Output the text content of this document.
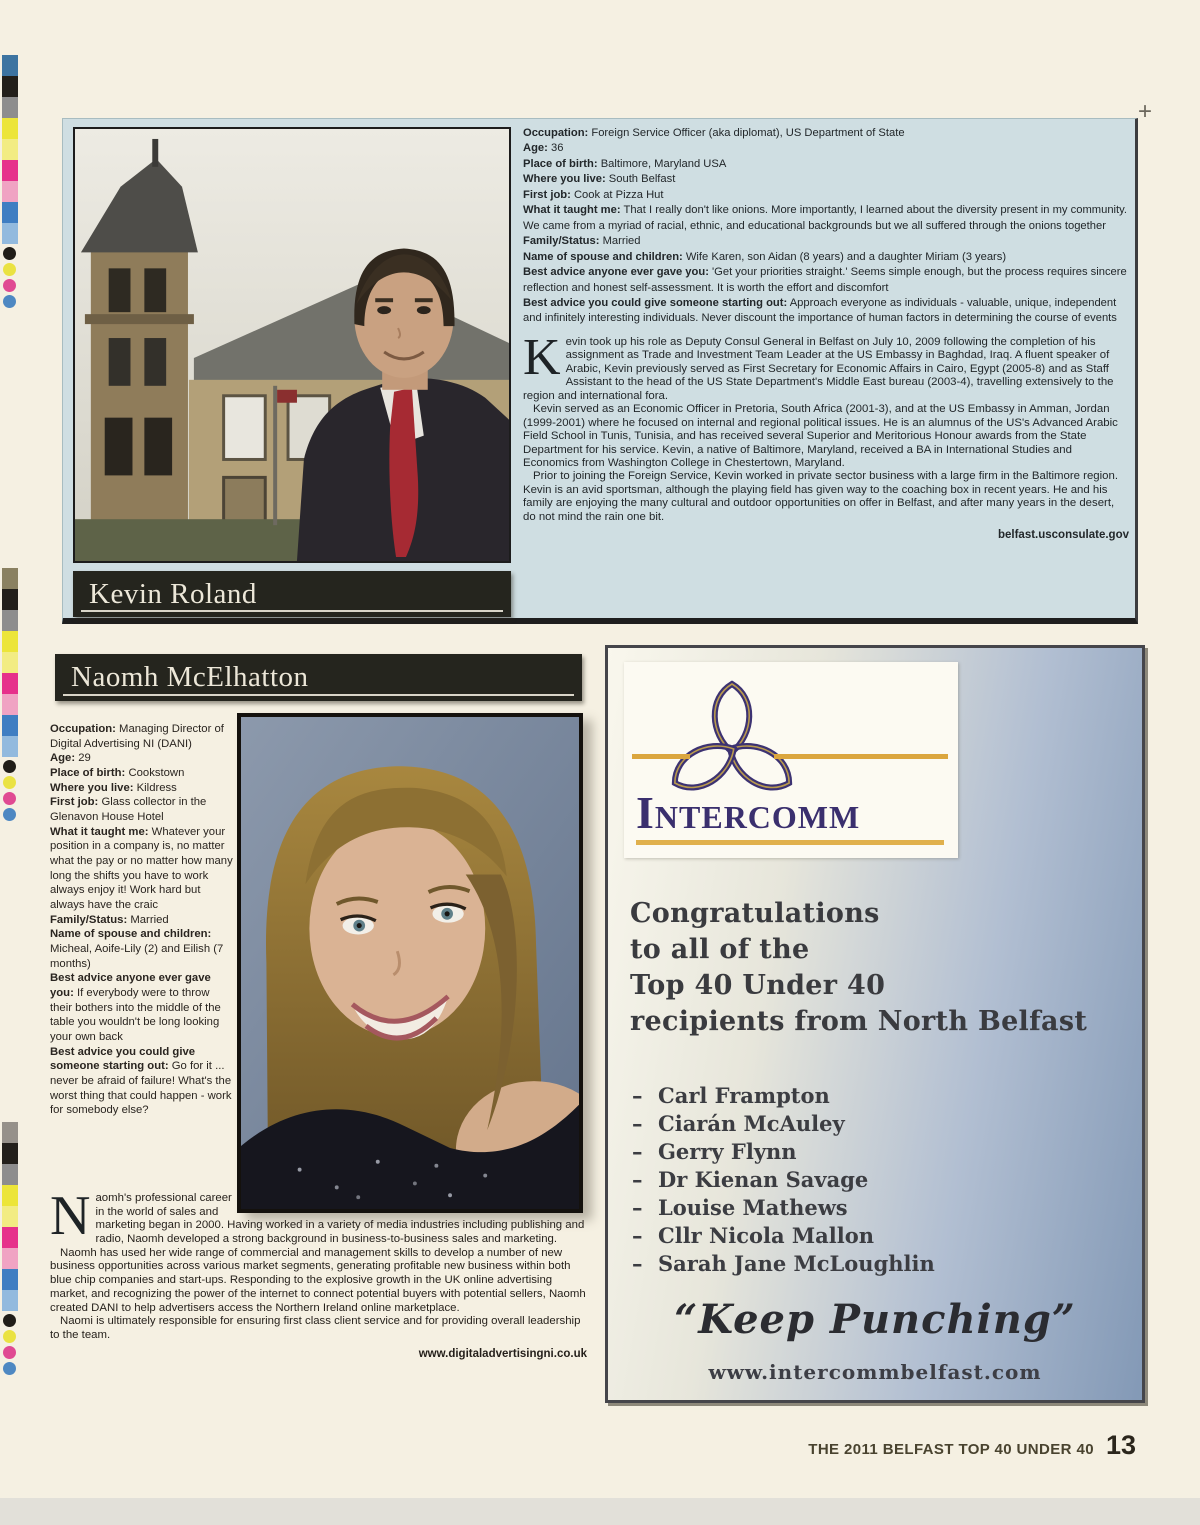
+
Kevin Roland
Occupation: Foreign Service Officer (aka diplomat), US Department of State
Age: 36
Place of birth: Baltimore, Maryland USA
Where you live: South Belfast
First job: Cook at Pizza Hut
What it taught me: That I really don't like onions. More importantly, I learned about the diversity present in my community. We came from a myriad of racial, ethnic, and educational backgrounds but we all suffered through the onions together
Family/Status: Married
Name of spouse and children: Wife Karen, son Aidan (8 years) and a daughter Miriam (3 years)
Best advice anyone ever gave you: 'Get your priorities straight.' Seems simple enough, but the process requires sincere reflection and honest self-assessment. It is worth the effort and discomfort
Best advice you could give someone starting out: Approach everyone as individuals - valuable, unique, independent and infinitely interesting individuals. Never discount the importance of human factors in determining the course of events

Kevin took up his role as Deputy Consul General in Belfast on July 10, 2009 following the completion of his assignment as Trade and Investment Team Leader at the US Embassy in Baghdad, Iraq. A fluent speaker of Arabic, Kevin previously served as First Secretary for Economic Affairs in Cairo, Egypt (2005-8) and as Staff Assistant to the head of the US State Department's Middle East bureau (2003-4), travelling extensively to the region and international fora.

Kevin served as an Economic Officer in Pretoria, South Africa (2001-3), and at the US Embassy in Amman, Jordan (1999-2001) where he focused on internal and regional political issues. He is an alumnus of the US's Advanced Arabic Field School in Tunis, Tunisia, and has received several Superior and Meritorious Honour awards from the State Department for his service. Kevin, a native of Baltimore, Maryland, received a BA in International Studies and Economics from Washington College in Chestertown, Maryland.

Prior to joining the Foreign Service, Kevin worked in private sector business with a large firm in the Baltimore region. Kevin is an avid sportsman, although the playing field has given way to the coaching box in recent years. He and his family are enjoying the many cultural and outdoor opportunities on offer in Belfast, and after many years in the desert, do not mind the rain one bit.

belfast.usconsulate.gov
Naomh McElhatton
Occupation: Managing Director of Digital Advertising NI (DANI)
Age: 29
Place of birth: Cookstown
Where you live: Kildress
First job: Glass collector in the Glenavon House Hotel
What it taught me: Whatever your position in a company is, no matter what the pay or no matter how many long the shifts you have to work always enjoy it! Work hard but always have the craic
Family/Status: Married
Name of spouse and children: Micheal, Aoife-Lily (2) and Eilish (7 months)
Best advice anyone ever gave you: If everybody were to throw their bothers into the middle of the table you wouldn't be long looking your own back
Best advice you could give someone starting out: Go for it ... never be afraid of failure! What's the worst thing that could happen - work for somebody else?

Naomh's professional career in the world of sales and marketing began in 2000. Having worked in a variety of media industries including publishing and radio, Naomh developed a strong background in business-to-business sales and marketing.

Naomh has used her wide range of commercial and management skills to develop a number of new business opportunities across various market segments, generating profitable new business within both blue chip companies and start-ups. Responding to the explosive growth in the UK online advertising market, and recognizing the power of the internet to connect potential buyers with potential sellers, Naomh created DANI to help advertisers access the Northern Ireland online marketplace.

Naomi is ultimately responsible for ensuring first class client service and for providing overall leadership to the team.

www.digitaladvertisingni.co.uk
Intercomm
Congratulations
to all of the
Top 40 Under 40
recipients from North Belfast
– Carl Frampton
– Ciarán McAuley
– Gerry Flynn
– Dr Kienan Savage
– Louise Mathews
– Cllr Nicola Mallon
– Sarah Jane McLoughlin
“Keep Punching”
www.intercommbelfast.com
THE 2011 BELFAST TOP 40 UNDER 40 13
